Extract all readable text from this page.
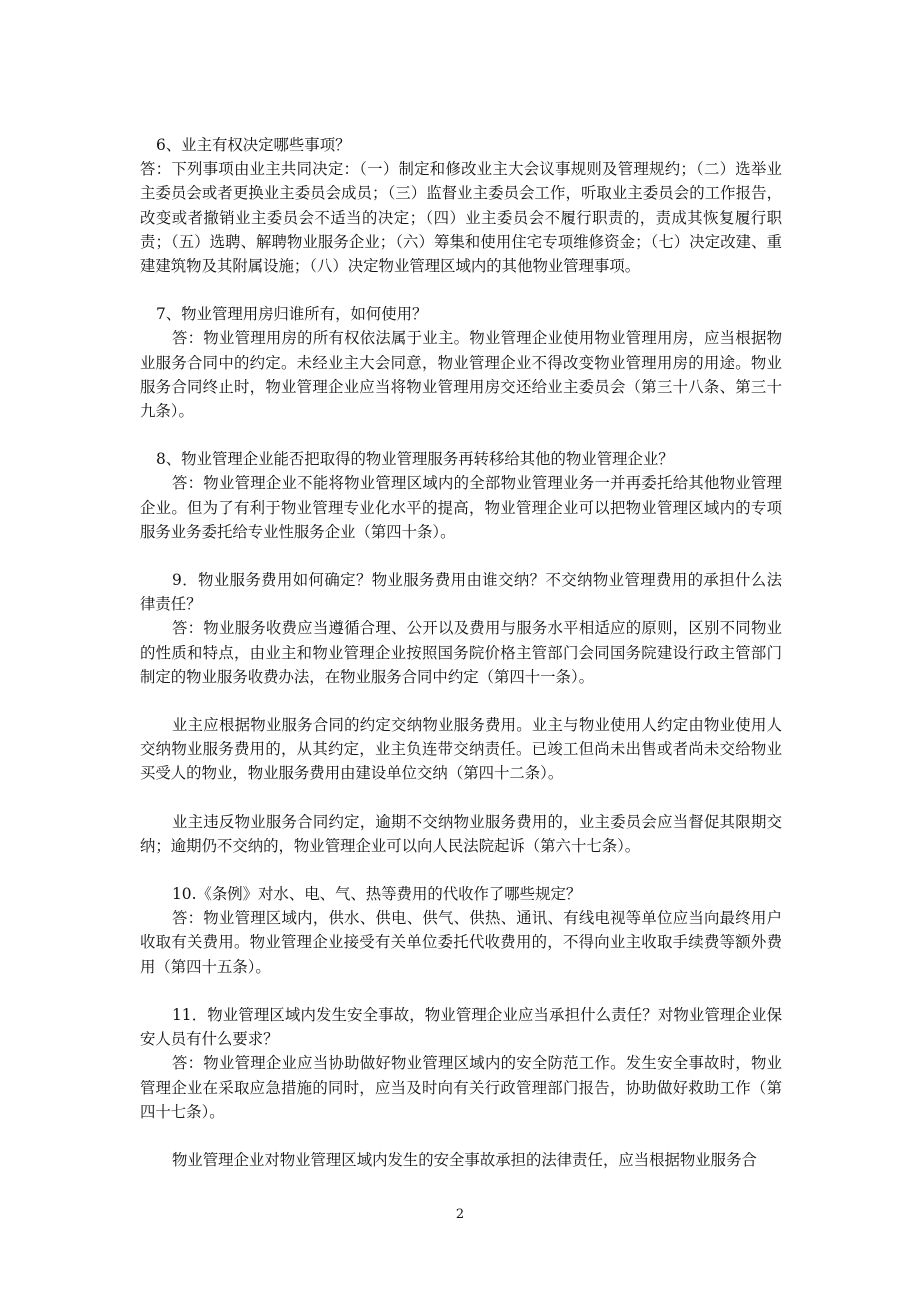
6、业主有权决定哪些事项？

答：下列事项由业主共同决定：（一）制定和修改业主大会议事规则及管理规约；（二）选举业主委员会或者更换业主委员会成员；（三）监督业主委员会工作，听取业主委员会的工作报告，改变或者撤销业主委员会不适当的决定；（四）业主委员会不履行职责的，责成其恢复履行职责；（五）选聘、解聘物业服务企业；（六）筹集和使用住宅专项维修资金；（七）决定改建、重建建筑物及其附属设施；（八）决定物业管理区域内的其他物业管理事项。

7、物业管理用房归谁所有，如何使用？

答：物业管理用房的所有权依法属于业主。物业管理企业使用物业管理用房，应当根据物业服务合同中的约定。未经业主大会同意，物业管理企业不得改变物业管理用房的用途。物业服务合同终止时，物业管理企业应当将物业管理用房交还给业主委员会（第三十八条、第三十九条）。

8、物业管理企业能否把取得的物业管理服务再转移给其他的物业管理企业？

答：物业管理企业不能将物业管理区域内的全部物业管理业务一并再委托给其他物业管理企业。但为了有利于物业管理专业化水平的提高，物业管理企业可以把物业管理区域内的专项服务业务委托给专业性服务企业（第四十条）。

9．物业服务费用如何确定？物业服务费用由谁交纳？不交纳物业管理费用的承担什么法律责任？

答：物业服务收费应当遵循合理、公开以及费用与服务水平相适应的原则，区别不同物业的性质和特点，由业主和物业管理企业按照国务院价格主管部门会同国务院建设行政主管部门制定的物业服务收费办法，在物业服务合同中约定（第四十一条）。

业主应根据物业服务合同的约定交纳物业服务费用。业主与物业使用人约定由物业使用人交纳物业服务费用的，从其约定，业主负连带交纳责任。已竣工但尚未出售或者尚未交给物业买受人的物业，物业服务费用由建设单位交纳（第四十二条）。

业主违反物业服务合同约定，逾期不交纳物业服务费用的，业主委员会应当督促其限期交纳；逾期仍不交纳的，物业管理企业可以向人民法院起诉（第六十七条）。

10.《条例》对水、电、气、热等费用的代收作了哪些规定？

答：物业管理区域内，供水、供电、供气、供热、通讯、有线电视等单位应当向最终用户收取有关费用。物业管理企业接受有关单位委托代收费用的，不得向业主收取手续费等额外费用（第四十五条）。

11．物业管理区域内发生安全事故，物业管理企业应当承担什么责任？对物业管理企业保安人员有什么要求？

答：物业管理企业应当协助做好物业管理区域内的安全防范工作。发生安全事故时，物业管理企业在采取应急措施的同时，应当及时向有关行政管理部门报告，协助做好救助工作（第四十七条）。

物业管理企业对物业管理区域内发生的安全事故承担的法律责任，应当根据物业服务合

2
